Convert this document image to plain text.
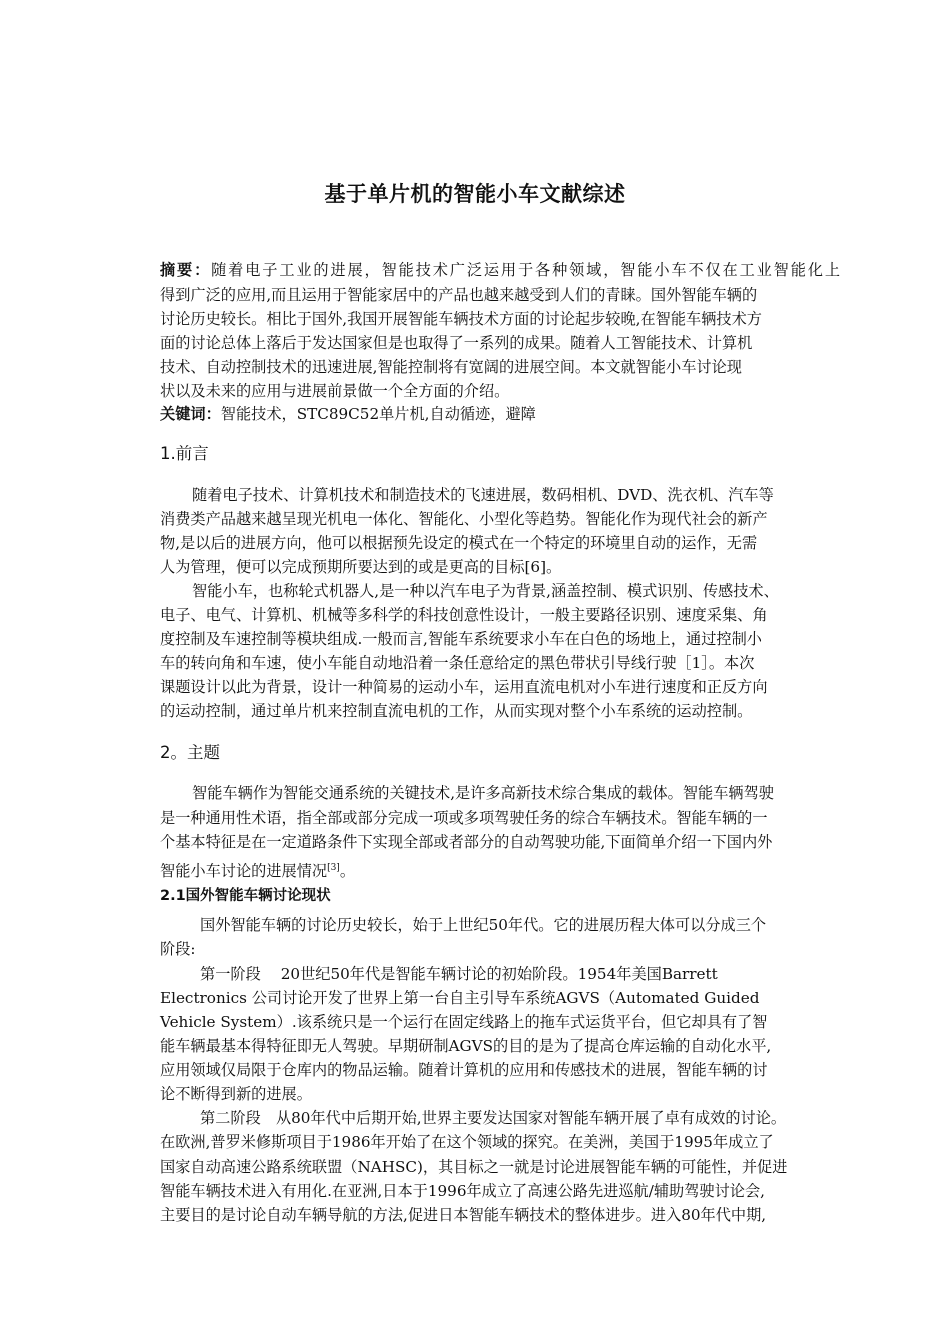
基于单片机的智能小车文献综述
摘要：随着电子工业的进展，智能技术广泛运用于各种领域，智能小车不仅在工业智能化上
得到广泛的应用,而且运用于智能家居中的产品也越来越受到人们的青睐。国外智能车辆的
讨论历史较长。相比于国外,我国开展智能车辆技术方面的讨论起步较晚,在智能车辆技术方
面的讨论总体上落后于发达国家但是也取得了一系列的成果。随着人工智能技术、计算机
技术、自动控制技术的迅速进展,智能控制将有宽阔的进展空间。本文就智能小车讨论现
状以及未来的应用与进展前景做一个全方面的介绍。
关键词：智能技术，STC89C52单片机,自动循迹，避障
1.前言
随着电子技术、计算机技术和制造技术的飞速进展，数码相机、DVD、洗衣机、汽车等
消费类产品越来越呈现光机电一体化、智能化、小型化等趋势。智能化作为现代社会的新产
物,是以后的进展方向，他可以根据预先设定的模式在一个特定的环境里自动的运作，无需
人为管理，便可以完成预期所要达到的或是更高的目标[6]。
智能小车，也称轮式机器人,是一种以汽车电子为背景,涵盖控制、模式识别、传感技术、
电子、电气、计算机、机械等多科学的科技创意性设计，一般主要路径识别、速度采集、角
度控制及车速控制等模块组成.一般而言,智能车系统要求小车在白色的场地上，通过控制小
车的转向角和车速，使小车能自动地沿着一条任意给定的黑色带状引导线行驶［1］。本次
课题设计以此为背景，设计一种简易的运动小车，运用直流电机对小车进行速度和正反方向
的运动控制，通过单片机来控制直流电机的工作，从而实现对整个小车系统的运动控制。
2。主题
智能车辆作为智能交通系统的关键技术,是许多高新技术综合集成的载体。智能车辆驾驶
是一种通用性术语，指全部或部分完成一项或多项驾驶任务的综合车辆技术。智能车辆的一
个基本特征是在一定道路条件下实现全部或者部分的自动驾驶功能,下面简单介绍一下国内外
智能小车讨论的进展情况[3]。
2.1国外智能车辆讨论现状
国外智能车辆的讨论历史较长，始于上世纪50年代。它的进展历程大体可以分成三个
阶段:
第一阶段　 20世纪50年代是智能车辆讨论的初始阶段。1954年美国Barrett
Electronics 公司讨论开发了世界上第一台自主引导车系统AGVS（Automated Guided
Vehicle System）.该系统只是一个运行在固定线路上的拖车式运货平台，但它却具有了智
能车辆最基本得特征即无人驾驶。早期研制AGVS的目的是为了提高仓库运输的自动化水平,
应用领域仅局限于仓库内的物品运输。随着计算机的应用和传感技术的进展，智能车辆的讨
论不断得到新的进展。
第二阶段　从80年代中后期开始,世界主要发达国家对智能车辆开展了卓有成效的讨论。
在欧洲,普罗米修斯项目于1986年开始了在这个领域的探究。在美洲，美国于1995年成立了
国家自动高速公路系统联盟（NAHSC)，其目标之一就是讨论进展智能车辆的可能性，并促进
智能车辆技术进入有用化.在亚洲,日本于1996年成立了高速公路先进巡航/辅助驾驶讨论会,
主要目的是讨论自动车辆导航的方法,促进日本智能车辆技术的整体进步。进入80年代中期,
